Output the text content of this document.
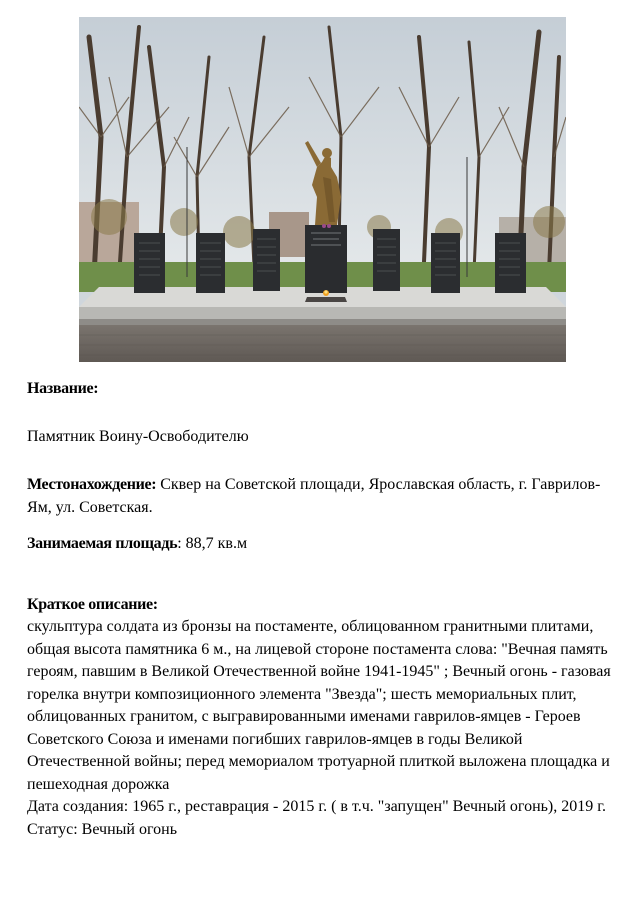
Название:
Памятник Воину-Освободителю
Местонахождение: Сквер на Советской площади, Ярославская область, г. Гаврилов-Ям, ул. Советская.
Занимаемая площадь: 88,7 кв.м
Краткое описание:
скульптура солдата из бронзы на постаменте, облицованном гранитными плитами, общая высота памятника 6 м., на лицевой стороне постамента слова: "Вечная память героям, павшим в Великой Отечественной войне 1941-1945" ; Вечный огонь - газовая горелка внутри композиционного элемента "Звезда"; шесть мемориальных плит, облицованных гранитом, с выгравированными именами гаврилов-ямцев - Героев Советского Союза и именами погибших гаврилов-ямцев в годы Великой Отечественной войны; перед мемориалом тротуарной плиткой выложена площадка и пешеходная дорожка
Дата создания: 1965 г., реставрация - 2015 г. ( в т.ч. "запущен" Вечный огонь), 2019 г. Статус: Вечный огонь
